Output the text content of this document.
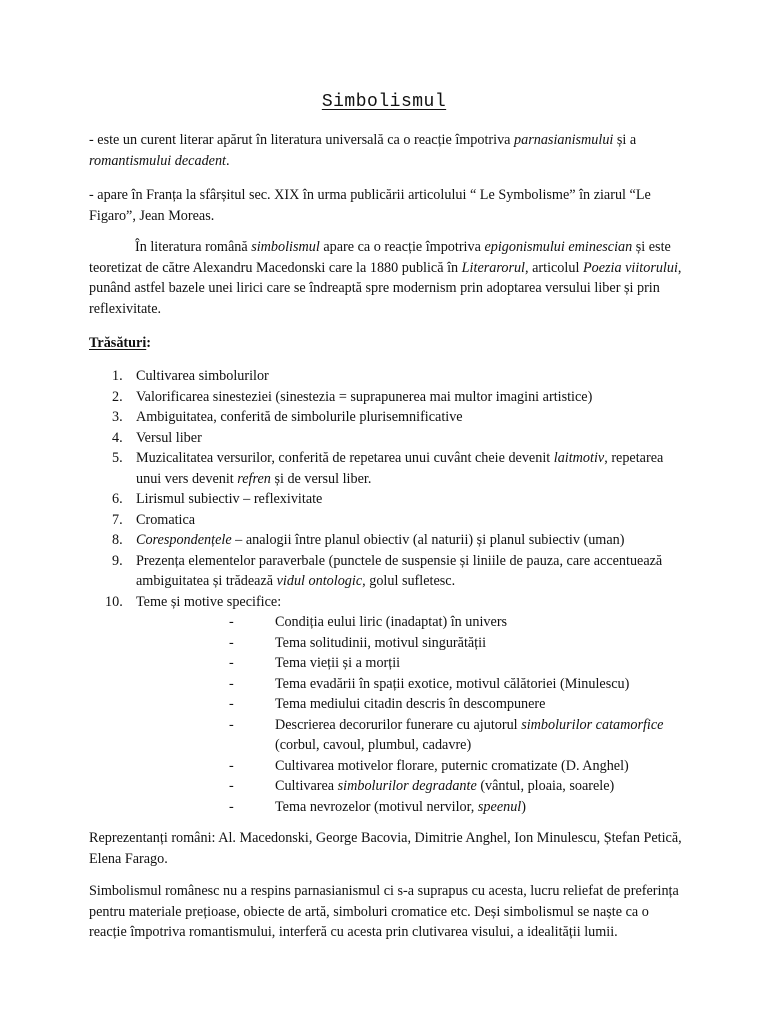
Simbolismul

- este un curent literar apărut în literatura universală ca o reacție împotriva parnasianismului și a romantismului decadent.

- apare în Franța la sfârșitul sec. XIX în urma publicării articolului “ Le Symbolisme” în ziarul “Le Figaro”, Jean Moreas.

În literatura română simbolismul apare ca o reacție împotriva epigonismului eminescian și este teoretizat de către Alexandru Macedonski care la 1880 publică în Literarorul, articolul Poezia viitorului, punând astfel bazele unei lirici care se îndreaptă spre modernism prin adoptarea versului liber și prin reflexivitate.

Trăsături:

1. Cultivarea simbolurilor
2. Valorificarea sinesteziei (sinestezia = suprapunerea mai multor imagini artistice)
3. Ambiguitatea, conferită de simbolurile plurisemnificative
4. Versul liber
5. Muzicalitatea versurilor, conferită de repetarea unui cuvânt cheie devenit laitmotiv, repetarea unui vers devenit refren și de versul liber.
6. Lirismul subiectiv – reflexivitate
7. Cromatica
8. Corespondențele – analogii între planul obiectiv (al naturii) și planul subiectiv (uman)
9. Prezența elementelor paraverbale (punctele de suspensie și liniile de pauza, care accentuează ambiguitatea și trădează vidul ontologic, golul sufletesc.
10. Teme și motive specifice:
-	Condiția eului liric (inadaptat) în univers
-	Tema solitudinii, motivul singurătății
-	Tema vieții și a morții
-	Tema evadării în spații exotice, motivul călătoriei (Minulescu)
-	Tema mediului citadin descris în descompunere
-	Descrierea decorurilor funerare cu ajutorul simbolurilor catamorfice (corbul, cavoul, plumbul, cadavre)
-	Cultivarea motivelor florare, puternic cromatizate (D. Anghel)
-	Cultivarea simbolurilor degradante (vântul, ploaia, soarele)
-	Tema nevrozelor (motivul nervilor, speenul)

Reprezentanți români: Al. Macedonski, George Bacovia, Dimitrie Anghel, Ion Minulescu, Ștefan Petică, Elena Farago.

Simbolismul românesc nu a respins parnasianismul ci s-a suprapus cu acesta, lucru reliefat de preferința pentru materiale prețioase, obiecte de artă, simboluri cromatice etc. Deși simbolismul se naște ca o reacție împotriva romantismului, interferă cu acesta prin clutivarea visului, a idealității lumii.
